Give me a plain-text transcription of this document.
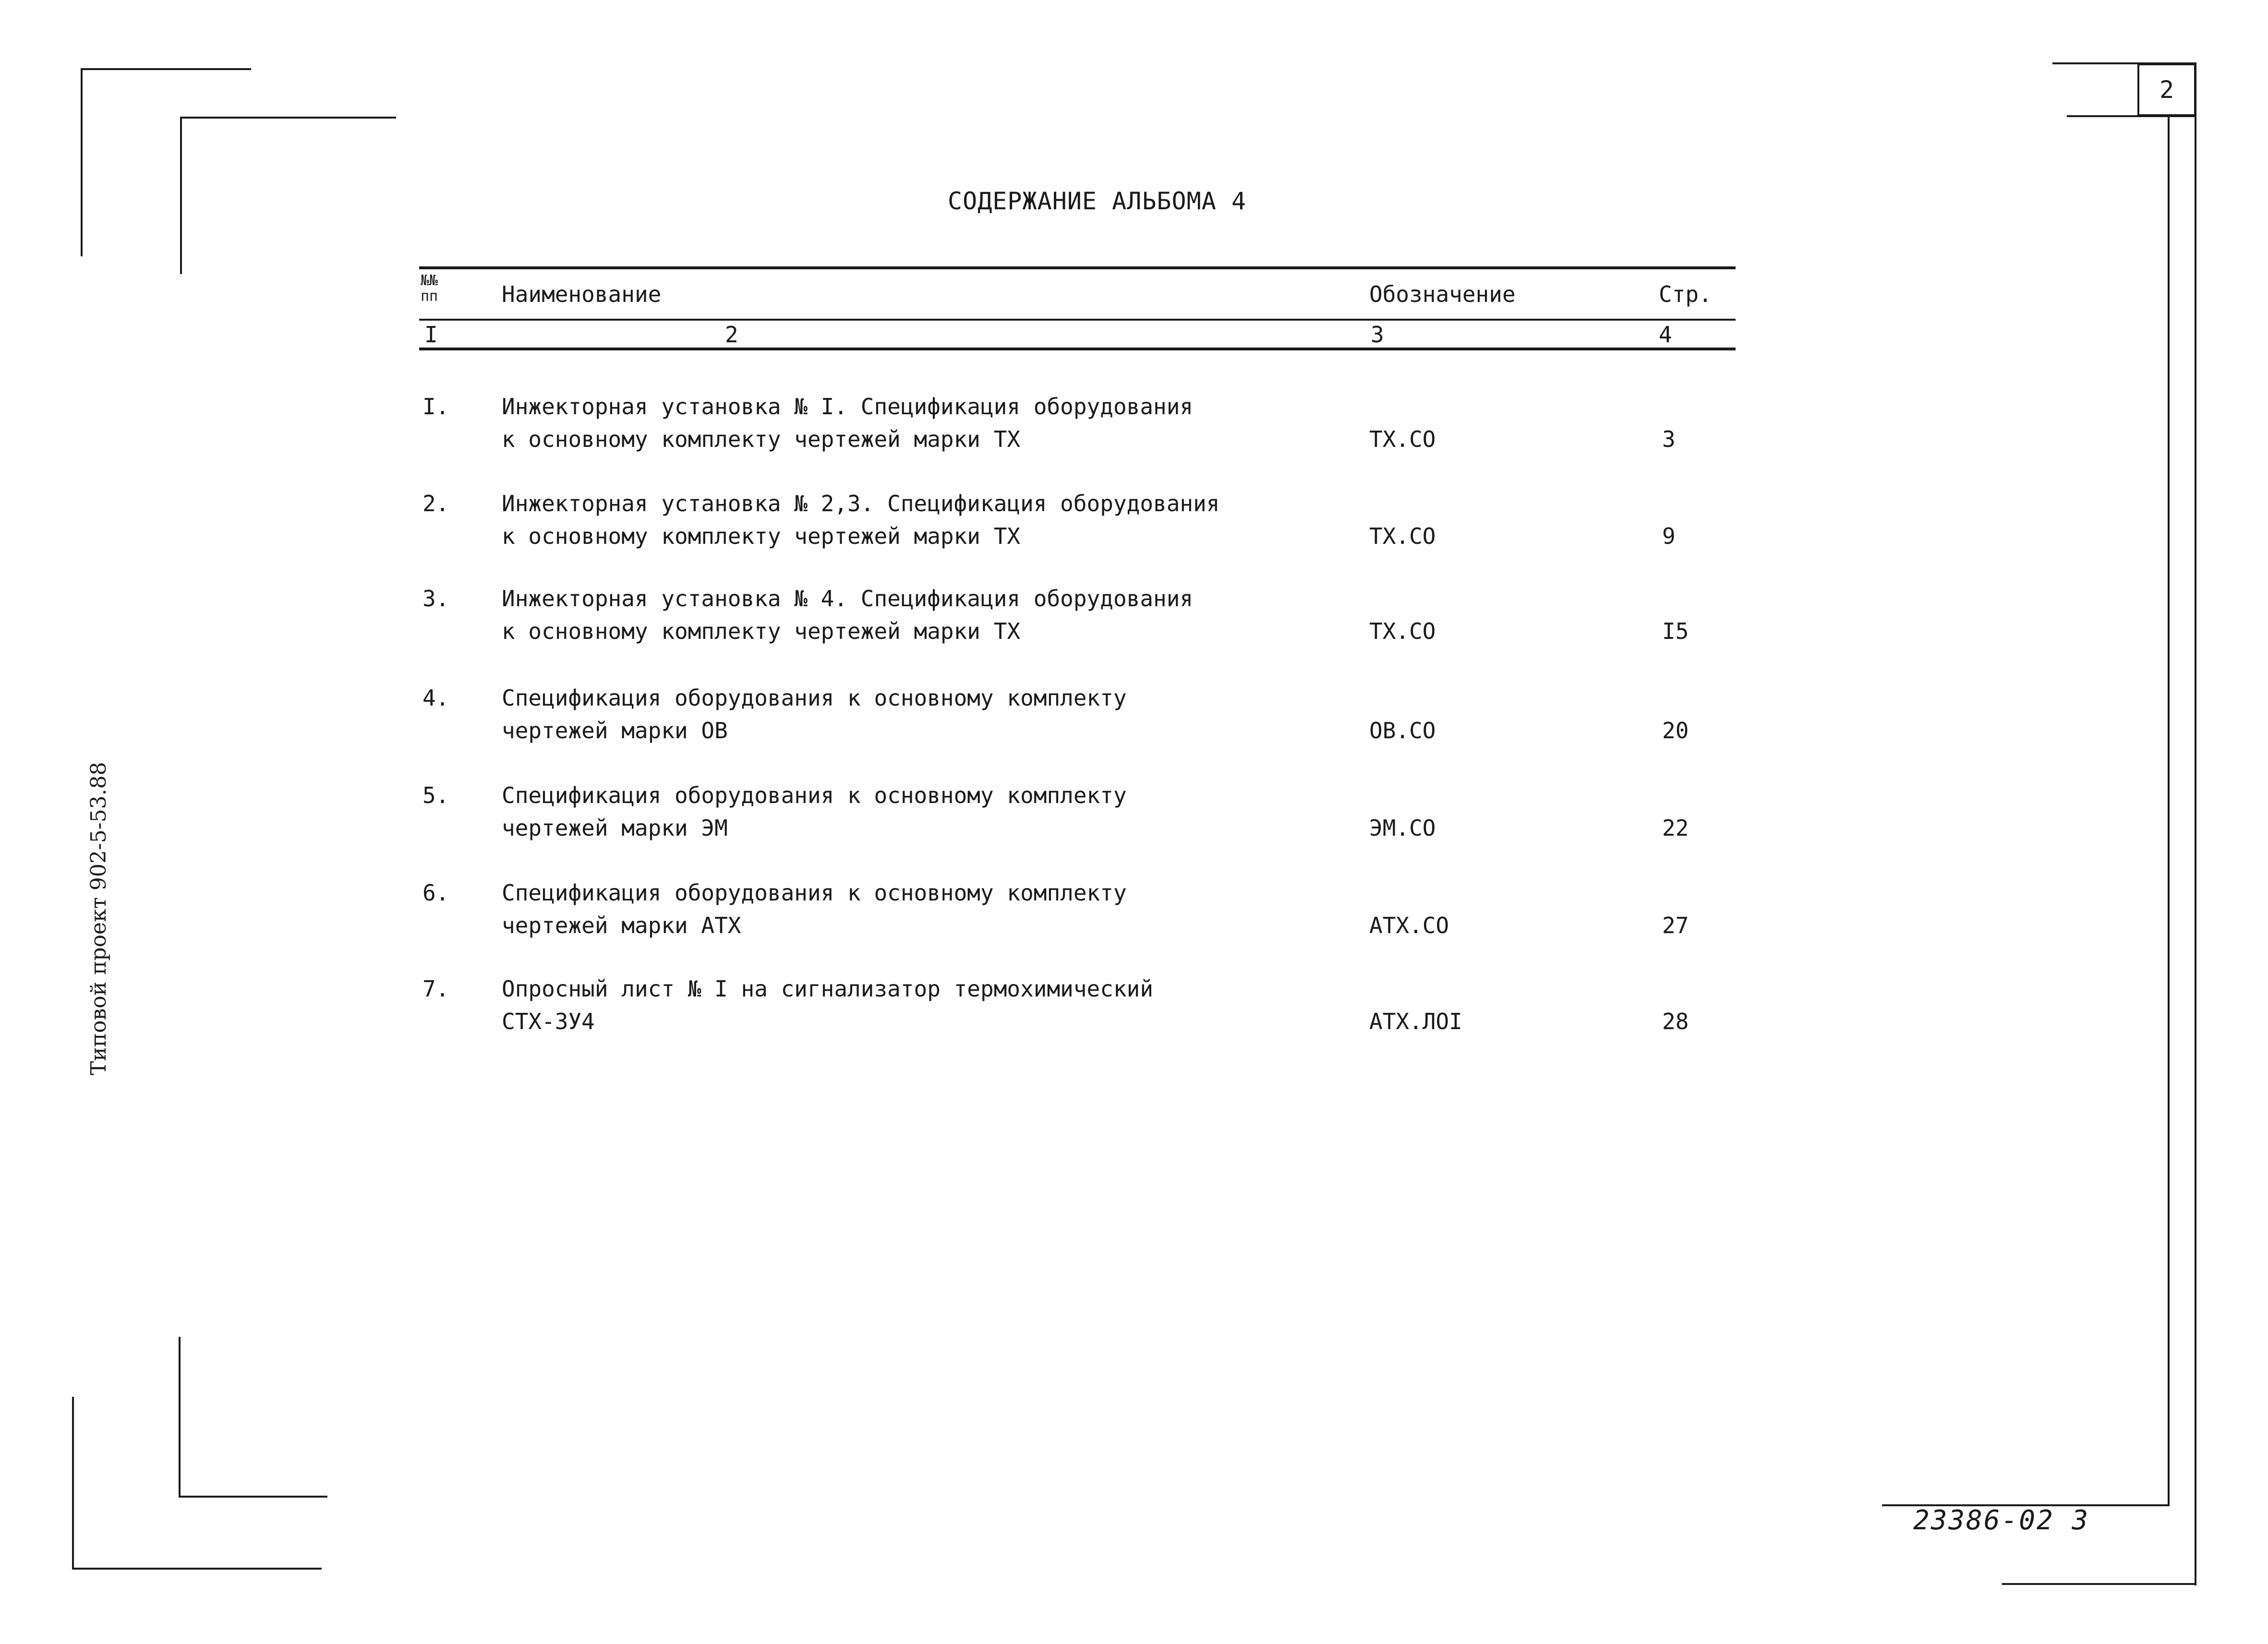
2
Типовой проект 902-5-53.88
СОДЕРЖАНИЕ АЛЬБОМА 4
№№ пп	Наименование	Обозначение	Стр.
I	2	3	4
I. Инжекторная установка № I. Спецификация оборудования
к основному комплекту чертежей марки ТХ	ТХ.СО	3
2. Инжекторная установка № 2,3. Спецификация оборудования
к основному комплекту чертежей марки ТХ	ТХ.СО	9
3. Инжекторная установка № 4. Спецификация оборудования
к основному комплекту чертежей марки ТХ	ТХ.СО	I5
4. Спецификация оборудования к основному комплекту
чертежей марки ОВ	ОВ.СО	20
5. Спецификация оборудования к основному комплекту
чертежей марки ЭМ	ЭМ.СО	22
6. Спецификация оборудования к основному комплекту
чертежей марки АТХ	АТХ.СО	27
7. Опросный лист № I на сигнализатор термохимический
СТХ-3У4	АТХ.ЛОI	28
23386-02 3
